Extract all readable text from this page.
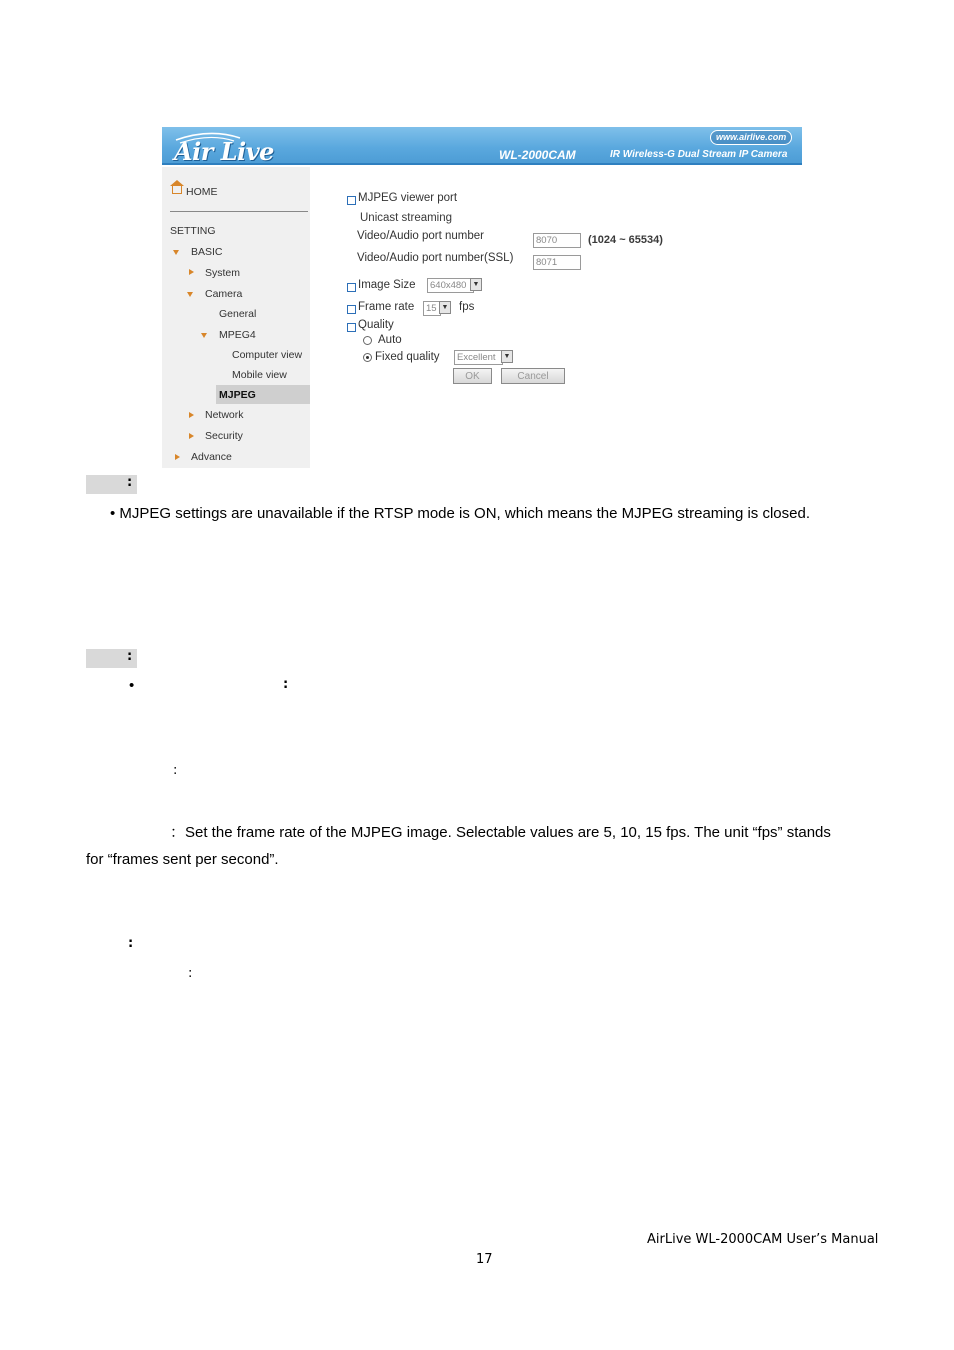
Air Live	www.airlive.com
WL-2000CAM	IR Wireless-G Dual Stream IP Camera
HOME
SETTING
BASIC
System
Camera
General
MPEG4
Computer view
Mobile view
MJPEG
Network
Security
Advance
MJPEG viewer port
Unicast streaming
Video/Audio port number	8070	(1024 ~ 65534)
Video/Audio port number(SSL)	8071
Image Size	640x480 ▼
Frame rate	15 ▼ fps
Quality
Auto
Fixed quality	Excellent	▼
OK	Cancel
:
• MJPEG settings are unavailable if the RTSP mode is ON, which means the MJPEG streaming is closed.
:
•	:
:
：Set the frame rate of the MJPEG image. Selectable values are 5, 10, 15 fps. The unit “fps” stands
for “frames sent per second”.
:
:
AirLive WL-2000CAM User’s Manual
17
